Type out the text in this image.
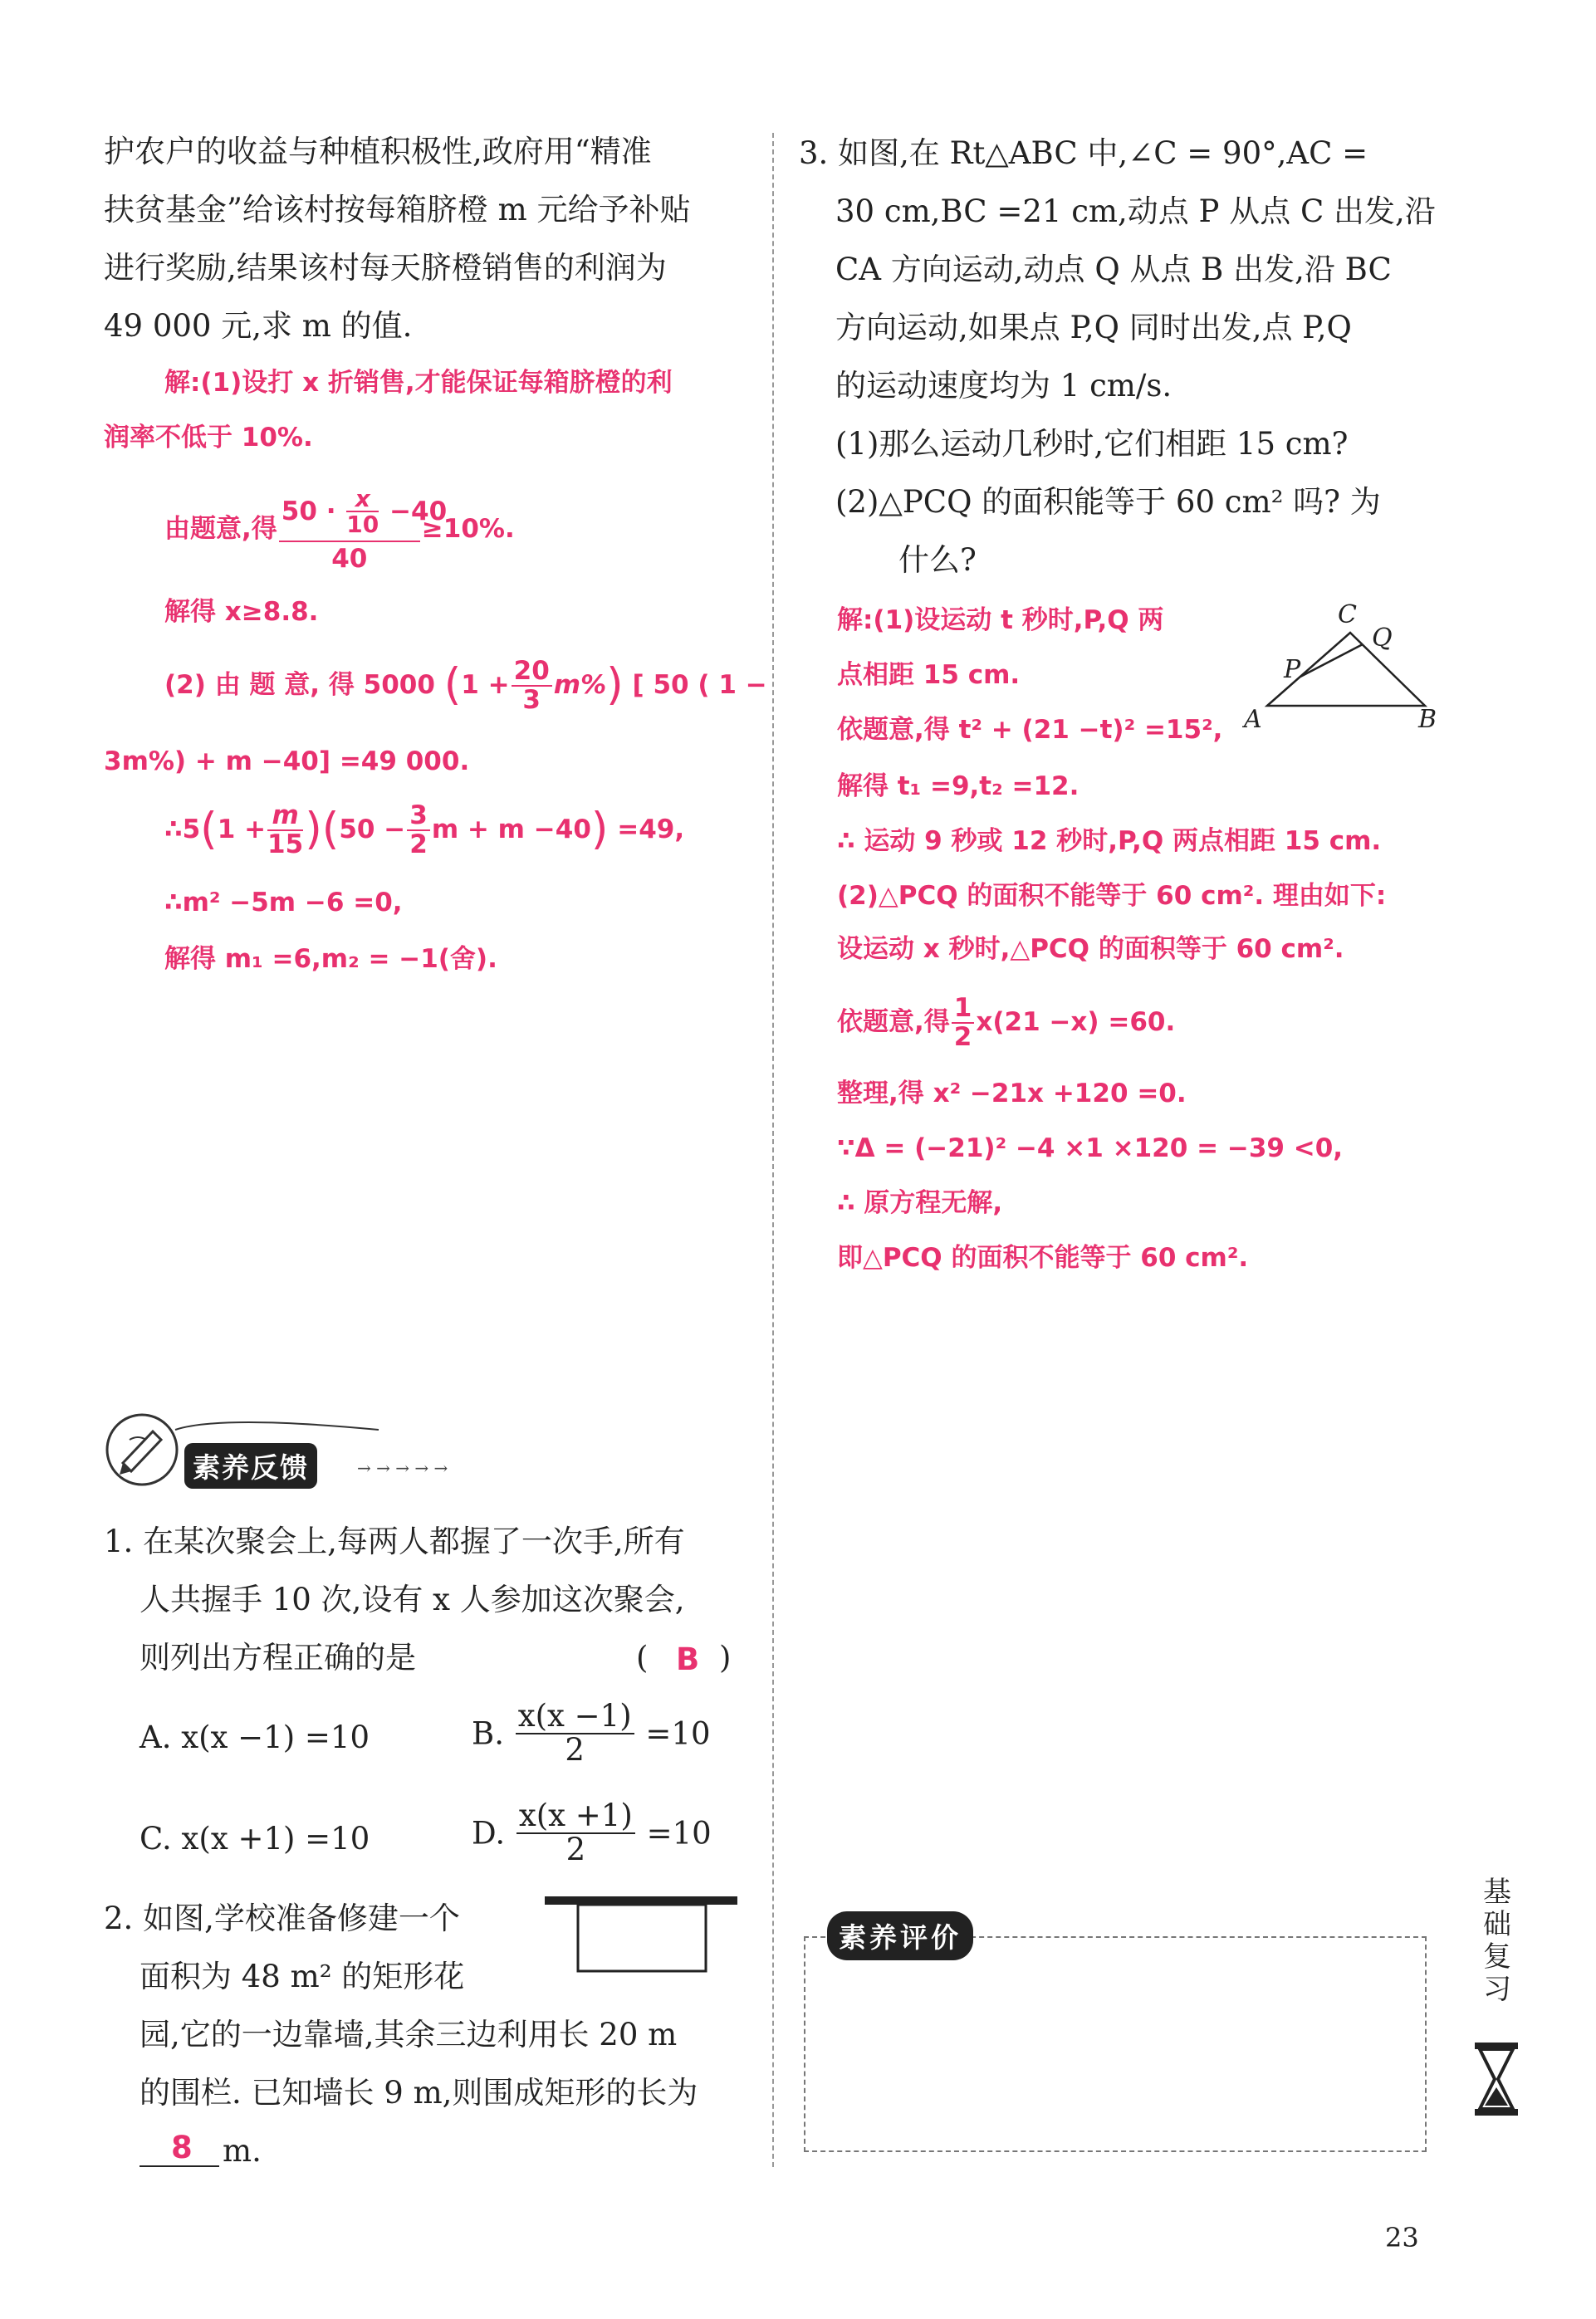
护农户的收益与种植积极性,政府用“精准
扶贫基金”给该村按每箱脐橙 m 元给予补贴
进行奖励,结果该村每天脐橙销售的利润为
49 000 元,求 m 的值.
解:(1)设打 x 折销售,才能保证每箱脐橙的利
润率不低于 10%.
由题意,得 $\frac{50 \cdot \frac{x}{10} -40}{40} \ge 10\%$.
解得 x≥8.8.
(2) 由 题 意, 得 5000 $(1 + \frac{20}{3} m\%)$ [ 50 ( 1 −
3m%) + m −40] =49 000.
∴5(1 + $\frac{m}{15} )(50 - \frac{3}{2}$ m + m −40) =49,
∴m² −5m −6 =0,
解得 m₁ =6,m₂ = −1(舍).
素养反馈	→ → → → →
1. 在某次聚会上,每两人都握了一次手,所有
人共握手 10 次,设有 x 人参加这次聚会,
则列出方程正确的是	( B )
A. x(x −1) =10	B. $\frac{x(x -1)}{2} =10$
C. x(x +1) =10	D. $\frac{x(x +1)}{2} =10$
2. 如图,学校准备修建一个
面积为 48 m² 的矩形花
园,它的一边靠墙,其余三边利用长 20 m
的围栏. 已知墙长 9 m,则围成矩形的长为
8 m.
3. 如图,在 Rt△ABC 中,∠C = 90°,AC =
30 cm,BC =21 cm,动点 P 从点 C 出发,沿
CA 方向运动,动点 Q 从点 B 出发,沿 BC
方向运动,如果点 P,Q 同时出发,点 P,Q
的运动速度均为 1 cm/s.
(1)那么运动几秒时,它们相距 15 cm?
(2)△PCQ 的面积能等于 60 cm² 吗? 为
什么?
C
Q
P
A	B
解:(1)设运动 t 秒时,P,Q 两
点相距 15 cm.
依题意,得 t² + (21 −t)² =15²,
解得 t₁ =9,t₂ =12.
∴ 运动 9 秒或 12 秒时,P,Q 两点相距 15 cm.
(2)△PCQ 的面积不能等于 60 cm². 理由如下:
设运动 x 秒时,△PCQ 的面积等于 60 cm².
依题意,得 $\frac{1}{2} x(21 -x) =60$.
整理,得 x² −21x +120 =0.
∵Δ = (−21)² −4 ×1 ×120 = −39 <0,
∴ 原方程无解,
即△PCQ 的面积不能等于 60 cm².
素养评价
基
础
复
习
23
